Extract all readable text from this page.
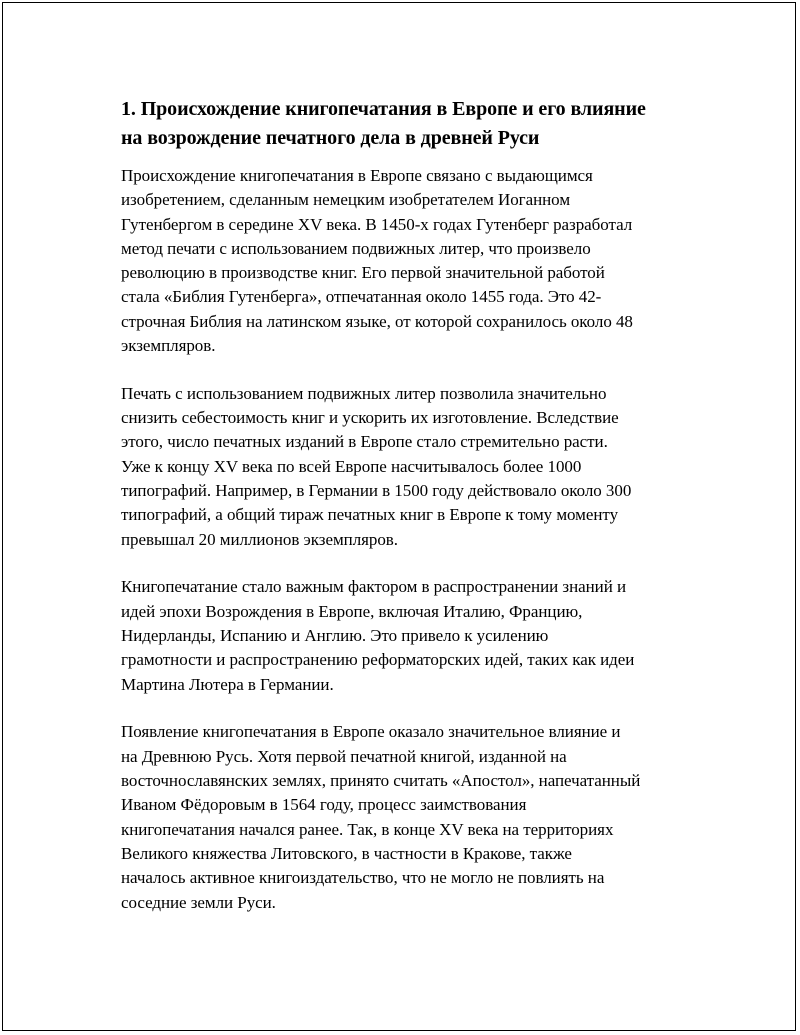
1. Происхождение книгопечатания в Европе и его влияние
на возрождение печатного дела в древней Руси

Происхождение книгопечатания в Европе связано с выдающимся
изобретением, сделанным немецким изобретателем Иоганном
Гутенбергом в середине XV века. В 1450-х годах Гутенберг разработал
метод печати с использованием подвижных литер, что произвело
революцию в производстве книг. Его первой значительной работой
стала «Библия Гутенберга», отпечатанная около 1455 года. Это 42-
строчная Библия на латинском языке, от которой сохранилось около 48
экземпляров.

Печать с использованием подвижных литер позволила значительно
снизить себестоимость книг и ускорить их изготовление. Вследствие
этого, число печатных изданий в Европе стало стремительно расти.
Уже к концу XV века по всей Европе насчитывалось более 1000
типографий. Например, в Германии в 1500 году действовало около 300
типографий, а общий тираж печатных книг в Европе к тому моменту
превышал 20 миллионов экземпляров.

Книгопечатание стало важным фактором в распространении знаний и
идей эпохи Возрождения в Европе, включая Италию, Францию,
Нидерланды, Испанию и Англию. Это привело к усилению
грамотности и распространению реформаторских идей, таких как идеи
Мартина Лютера в Германии.

Появление книгопечатания в Европе оказало значительное влияние и
на Древнюю Русь. Хотя первой печатной книгой, изданной на
восточнославянских землях, принято считать «Апостол», напечатанный
Иваном Фёдоровым в 1564 году, процесс заимствования
книгопечатания начался ранее. Так, в конце XV века на территориях
Великого княжества Литовского, в частности в Кракове, также
началось активное книгоиздательство, что не могло не повлиять на
соседние земли Руси.
